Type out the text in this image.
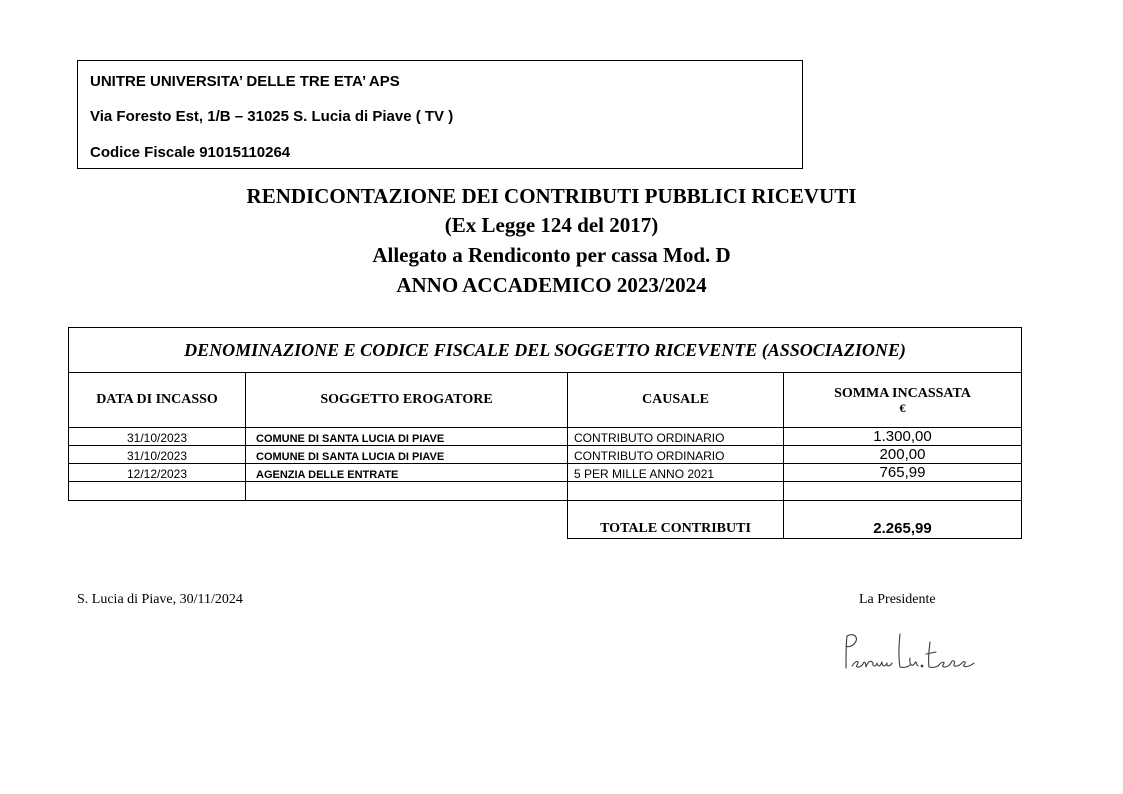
UNITRE UNIVERSITA’ DELLE TRE ETA’ APS
Via Foresto Est, 1/B – 31025 S. Lucia di Piave ( TV )
Codice Fiscale 91015110264
RENDICONTAZIONE DEI CONTRIBUTI PUBBLICI RICEVUTI
(Ex Legge 124 del 2017)
Allegato a Rendiconto per cassa Mod. D
ANNO ACCADEMICO 2023/2024
DENOMINAZIONE E CODICE FISCALE DEL SOGGETTO RICEVENTE (ASSOCIAZIONE)			

DATA DI INCASSO	SOGGETTO EROGATORE	CAUSALE	SOMMA INCASSATA
€

31/10/2023	COMUNE DI SANTA LUCIA DI PIAVE	CONTRIBUTO ORDINARIO	1.300,00
31/10/2023	COMUNE DI SANTA LUCIA DI PIAVE	CONTRIBUTO ORDINARIO	200,00
12/12/2023	AGENZIA DELLE ENTRATE	5 PER MILLE ANNO 2021	765,99

		TOTALE CONTRIBUTI	2.265,99
S. Lucia di Piave, 30/11/2024	La Presidente
